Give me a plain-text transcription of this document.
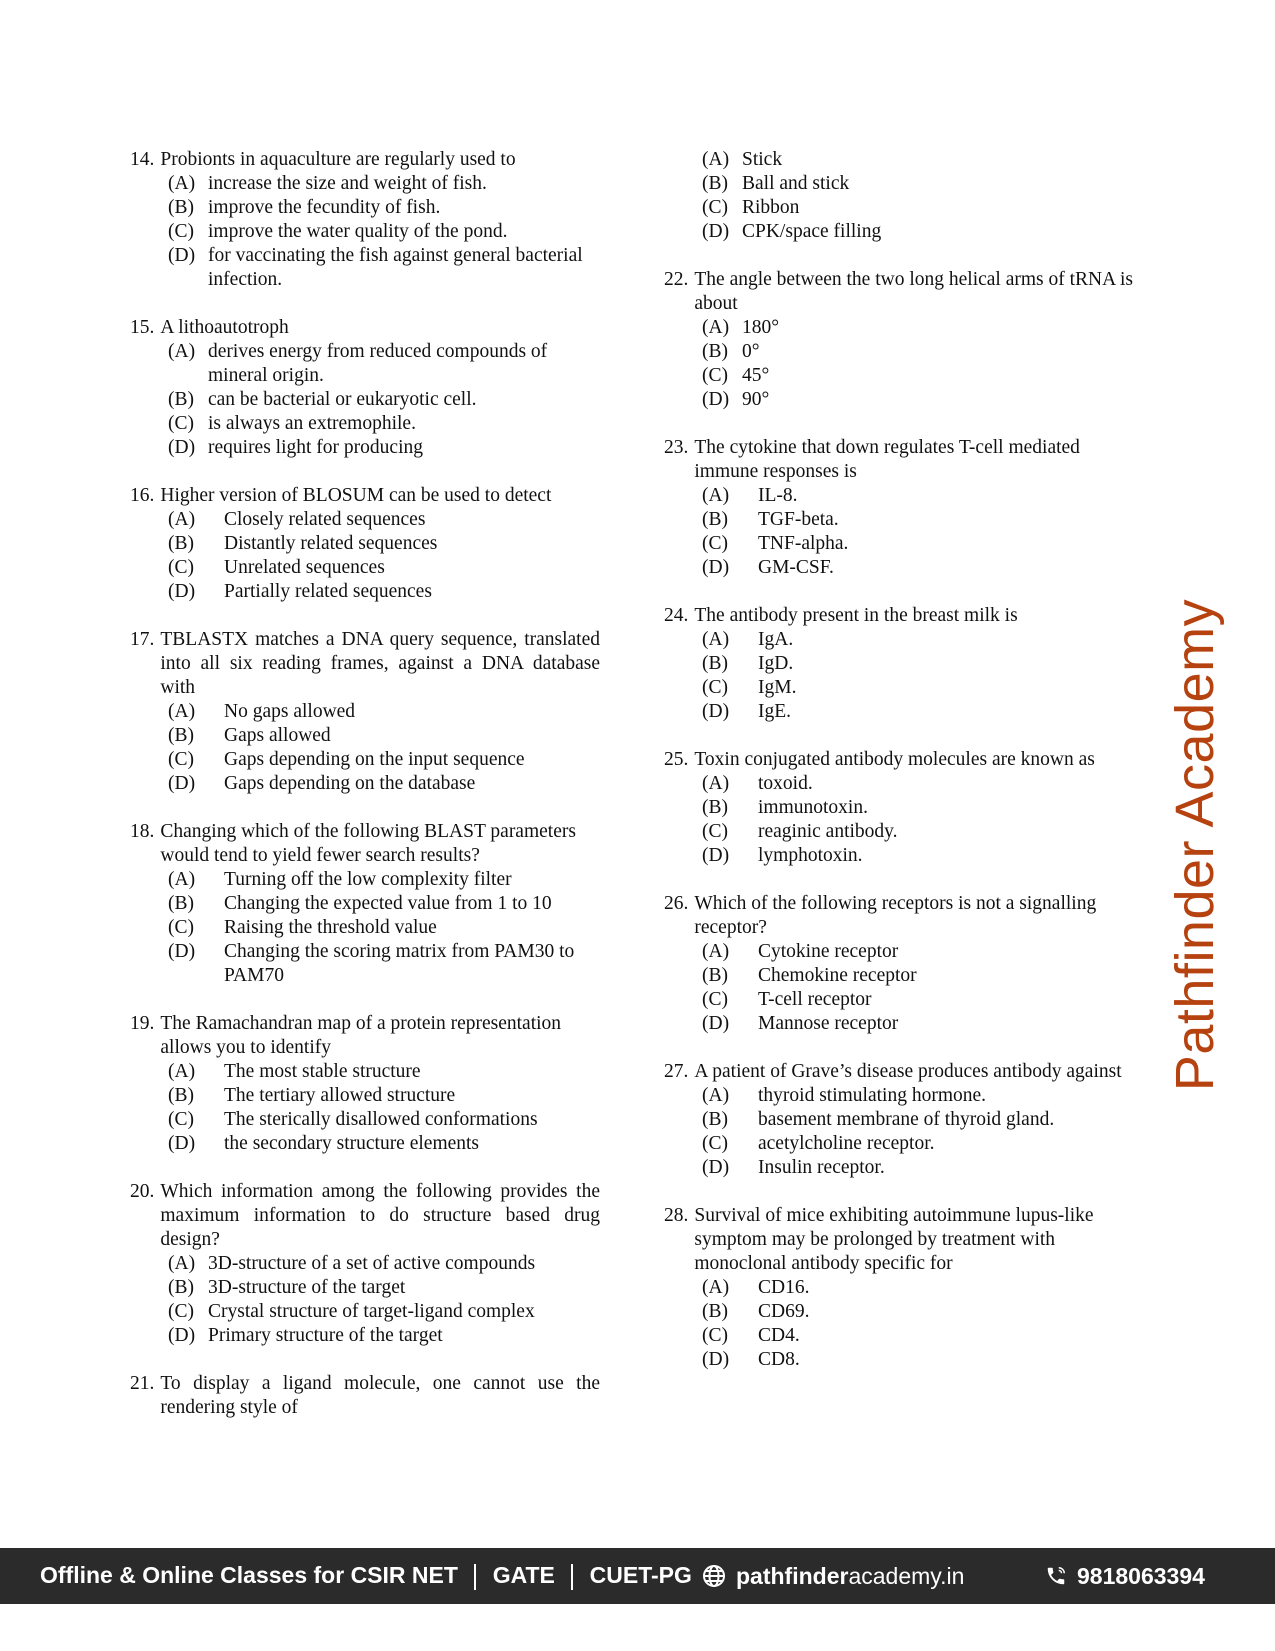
14. Probionts in aquaculture are regularly used to
(A) increase the size and weight of fish.
(B) improve the fecundity of fish.
(C) improve the water quality of the pond.
(D) for vaccinating the fish against general bacterial infection.
15. A lithoautotroph
(A) derives energy from reduced compounds of mineral origin.
(B) can be bacterial or eukaryotic cell.
(C) is always an extremophile.
(D) requires light for producing
16. Higher version of BLOSUM can be used to detect
(A)	Closely related sequences
(B)	Distantly related sequences
(C)	Unrelated sequences
(D)	Partially related sequences
17. TBLASTX matches a DNA query sequence, translated into all six reading frames, against a DNA database with
(A)	No gaps allowed
(B)	Gaps allowed
(C)	Gaps depending on the input sequence
(D)	Gaps depending on the database
18. Changing which of the following BLAST parameters would tend to yield fewer search results?
(A)	Turning off the low complexity filter
(B)	Changing the expected value from 1 to 10
(C)	Raising the threshold value
(D)	Changing the scoring matrix from PAM30 to PAM70
19. The Ramachandran map of a protein representation allows you to identify
(A)	The most stable structure
(B)	The tertiary allowed structure
(C)	The sterically disallowed conformations
(D)	the secondary structure elements
20. Which information among the following provides the maximum information to do structure based drug design?
(A) 3D-structure of a set of active compounds
(B) 3D-structure of the target
(C) Crystal structure of target-ligand complex
(D) Primary structure of the target
21. To display a ligand molecule, one cannot use the rendering style of
(A) Stick
(B) Ball and stick
(C) Ribbon
(D) CPK/space filling
22. The angle between the two long helical arms of tRNA is about
(A) 180°
(B) 0°
(C) 45°
(D) 90°
23. The cytokine that down regulates T-cell mediated immune responses is
(A)	IL-8.
(B)	TGF-beta.
(C)	TNF-alpha.
(D)	GM-CSF.
24. The antibody present in the breast milk is
(A)	IgA.
(B)	IgD.
(C)	IgM.
(D)	IgE.
25. Toxin conjugated antibody molecules are known as
(A)	toxoid.
(B)	immunotoxin.
(C)	reaginic antibody.
(D)	lymphotoxin.
26. Which of the following receptors is not a signalling receptor?
(A)	Cytokine receptor
(B)	Chemokine receptor
(C)	T-cell receptor
(D)	Mannose receptor
27. A patient of Grave’s disease produces antibody against
(A)	thyroid stimulating hormone.
(B)	basement membrane of thyroid gland.
(C)	acetylcholine receptor.
(D)	Insulin receptor.
28. Survival of mice exhibiting autoimmune lupus-like symptom may be prolonged by treatment with monoclonal antibody specific for
(A)	CD16.
(B)	CD69.
(C)	CD4.
(D)	CD8.
Pathfinder Academy
Offline & Online Classes for CSIR NET GATE CUET-PG pathfinder academy.in	9818063394
